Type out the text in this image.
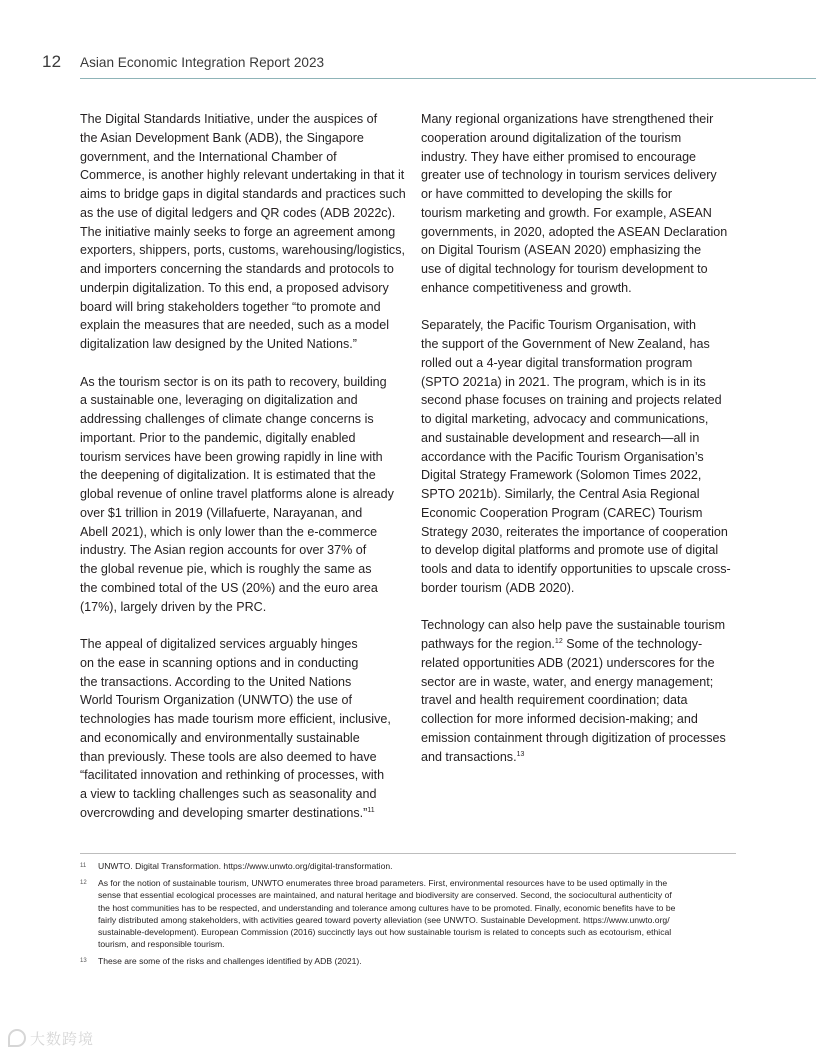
12 Asian Economic Integration Report 2023

The Digital Standards Initiative, under the auspices of
the Asian Development Bank (ADB), the Singapore
government, and the International Chamber of
Commerce, is another highly relevant undertaking in that it
aims to bridge gaps in digital standards and practices such
as the use of digital ledgers and QR codes (ADB 2022c).
The initiative mainly seeks to forge an agreement among
exporters, shippers, ports, customs, warehousing/logistics,
and importers concerning the standards and protocols to
underpin digitalization. To this end, a proposed advisory
board will bring stakeholders together “to promote and
explain the measures that are needed, such as a model
digitalization law designed by the United Nations.”

As the tourism sector is on its path to recovery, building
a sustainable one, leveraging on digitalization and
addressing challenges of climate change concerns is
important. Prior to the pandemic, digitally enabled
tourism services have been growing rapidly in line with
the deepening of digitalization. It is estimated that the
global revenue of online travel platforms alone is already
over $1 trillion in 2019 (Villafuerte, Narayanan, and
Abell 2021), which is only lower than the e-commerce
industry. The Asian region accounts for over 37% of
the global revenue pie, which is roughly the same as
the combined total of the US (20%) and the euro area
(17%), largely driven by the PRC.

The appeal of digitalized services arguably hinges
on the ease in scanning options and in conducting
the transactions. According to the United Nations
World Tourism Organization (UNWTO) the use of
technologies has made tourism more efficient, inclusive,
and economically and environmentally sustainable
than previously. These tools are also deemed to have
“facilitated innovation and rethinking of processes, with
a view to tackling challenges such as seasonality and
overcrowding and developing smarter destinations.”$^{11}$

Many regional organizations have strengthened their
cooperation around digitalization of the tourism
industry. They have either promised to encourage
greater use of technology in tourism services delivery
or have committed to developing the skills for
tourism marketing and growth. For example, ASEAN
governments, in 2020, adopted the ASEAN Declaration
on Digital Tourism (ASEAN 2020) emphasizing the
use of digital technology for tourism development to
enhance competitiveness and growth.

Separately, the Pacific Tourism Organisation, with
the support of the Government of New Zealand, has
rolled out a 4-year digital transformation program
(SPTO 2021a) in 2021. The program, which is in its
second phase focuses on training and projects related
to digital marketing, advocacy and communications,
and sustainable development and research—all in
accordance with the Pacific Tourism Organisation’s
Digital Strategy Framework (Solomon Times 2022,
SPTO 2021b). Similarly, the Central Asia Regional
Economic Cooperation Program (CAREC) Tourism
Strategy 2030, reiterates the importance of cooperation
to develop digital platforms and promote use of digital
tools and data to identify opportunities to upscale cross-
border tourism (ADB 2020).

Technology can also help pave the sustainable tourism
pathways for the region.$^{12}$ Some of the technology-
related opportunities ADB (2021) underscores for the
sector are in waste, water, and energy management;
travel and health requirement coordination; data
collection for more informed decision-making; and
emission containment through digitization of processes
and transactions.$^{13}$

11 UNWTO. Digital Transformation. https://www.unwto.org/digital-transformation.
12 As for the notion of sustainable tourism, UNWTO enumerates three broad parameters. First, environmental resources have to be used optimally in the
sense that essential ecological processes are maintained, and natural heritage and biodiversity are conserved. Second, the sociocultural authenticity of
the host communities has to be respected, and understanding and tolerance among cultures have to be promoted. Finally, economic benefits have to be
fairly distributed among stakeholders, with activities geared toward poverty alleviation (see UNWTO. Sustainable Development. https://www.unwto.org/
sustainable-development). European Commission (2016) succinctly lays out how sustainable tourism is related to concepts such as ecotourism, ethical
tourism, and responsible tourism.
13 These are some of the risks and challenges identified by ADB (2021).
大数跨境
